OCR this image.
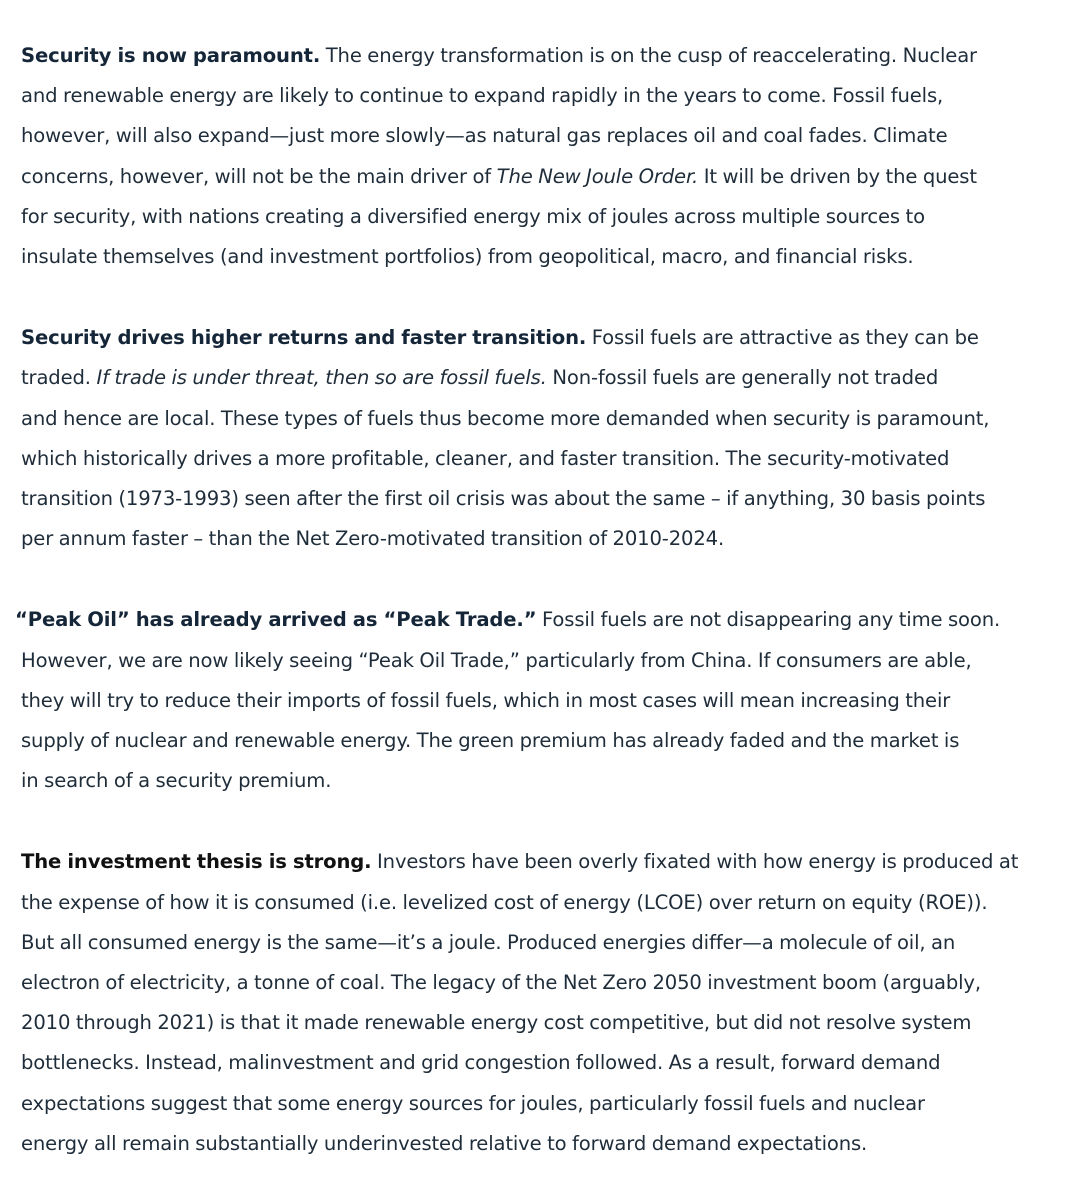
Security is now paramount. The energy transformation is on the cusp of reaccelerating. Nuclear
and renewable energy are likely to continue to expand rapidly in the years to come. Fossil fuels,
however, will also expand—just more slowly—as natural gas replaces oil and coal fades. Climate
concerns, however, will not be the main driver of The New Joule Order. It will be driven by the quest
for security, with nations creating a diversified energy mix of joules across multiple sources to
insulate themselves (and investment portfolios) from geopolitical, macro, and financial risks.

Security drives higher returns and faster transition. Fossil fuels are attractive as they can be
traded. If trade is under threat, then so are fossil fuels. Non-fossil fuels are generally not traded
and hence are local. These types of fuels thus become more demanded when security is paramount,
which historically drives a more profitable, cleaner, and faster transition. The security-motivated
transition (1973-1993) seen after the first oil crisis was about the same – if anything, 30 basis points
per annum faster – than the Net Zero-motivated transition of 2010-2024.

“Peak Oil” has already arrived as “Peak Trade.” Fossil fuels are not disappearing any time soon.
However, we are now likely seeing “Peak Oil Trade,” particularly from China. If consumers are able,
they will try to reduce their imports of fossil fuels, which in most cases will mean increasing their
supply of nuclear and renewable energy. The green premium has already faded and the market is
in search of a security premium.

The investment thesis is strong. Investors have been overly fixated with how energy is produced at
the expense of how it is consumed (i.e. levelized cost of energy (LCOE) over return on equity (ROE)).
But all consumed energy is the same—it’s a joule. Produced energies differ—a molecule of oil, an
electron of electricity, a tonne of coal. The legacy of the Net Zero 2050 investment boom (arguably,
2010 through 2021) is that it made renewable energy cost competitive, but did not resolve system
bottlenecks. Instead, malinvestment and grid congestion followed. As a result, forward demand
expectations suggest that some energy sources for joules, particularly fossil fuels and nuclear
energy all remain substantially underinvested relative to forward demand expectations.
